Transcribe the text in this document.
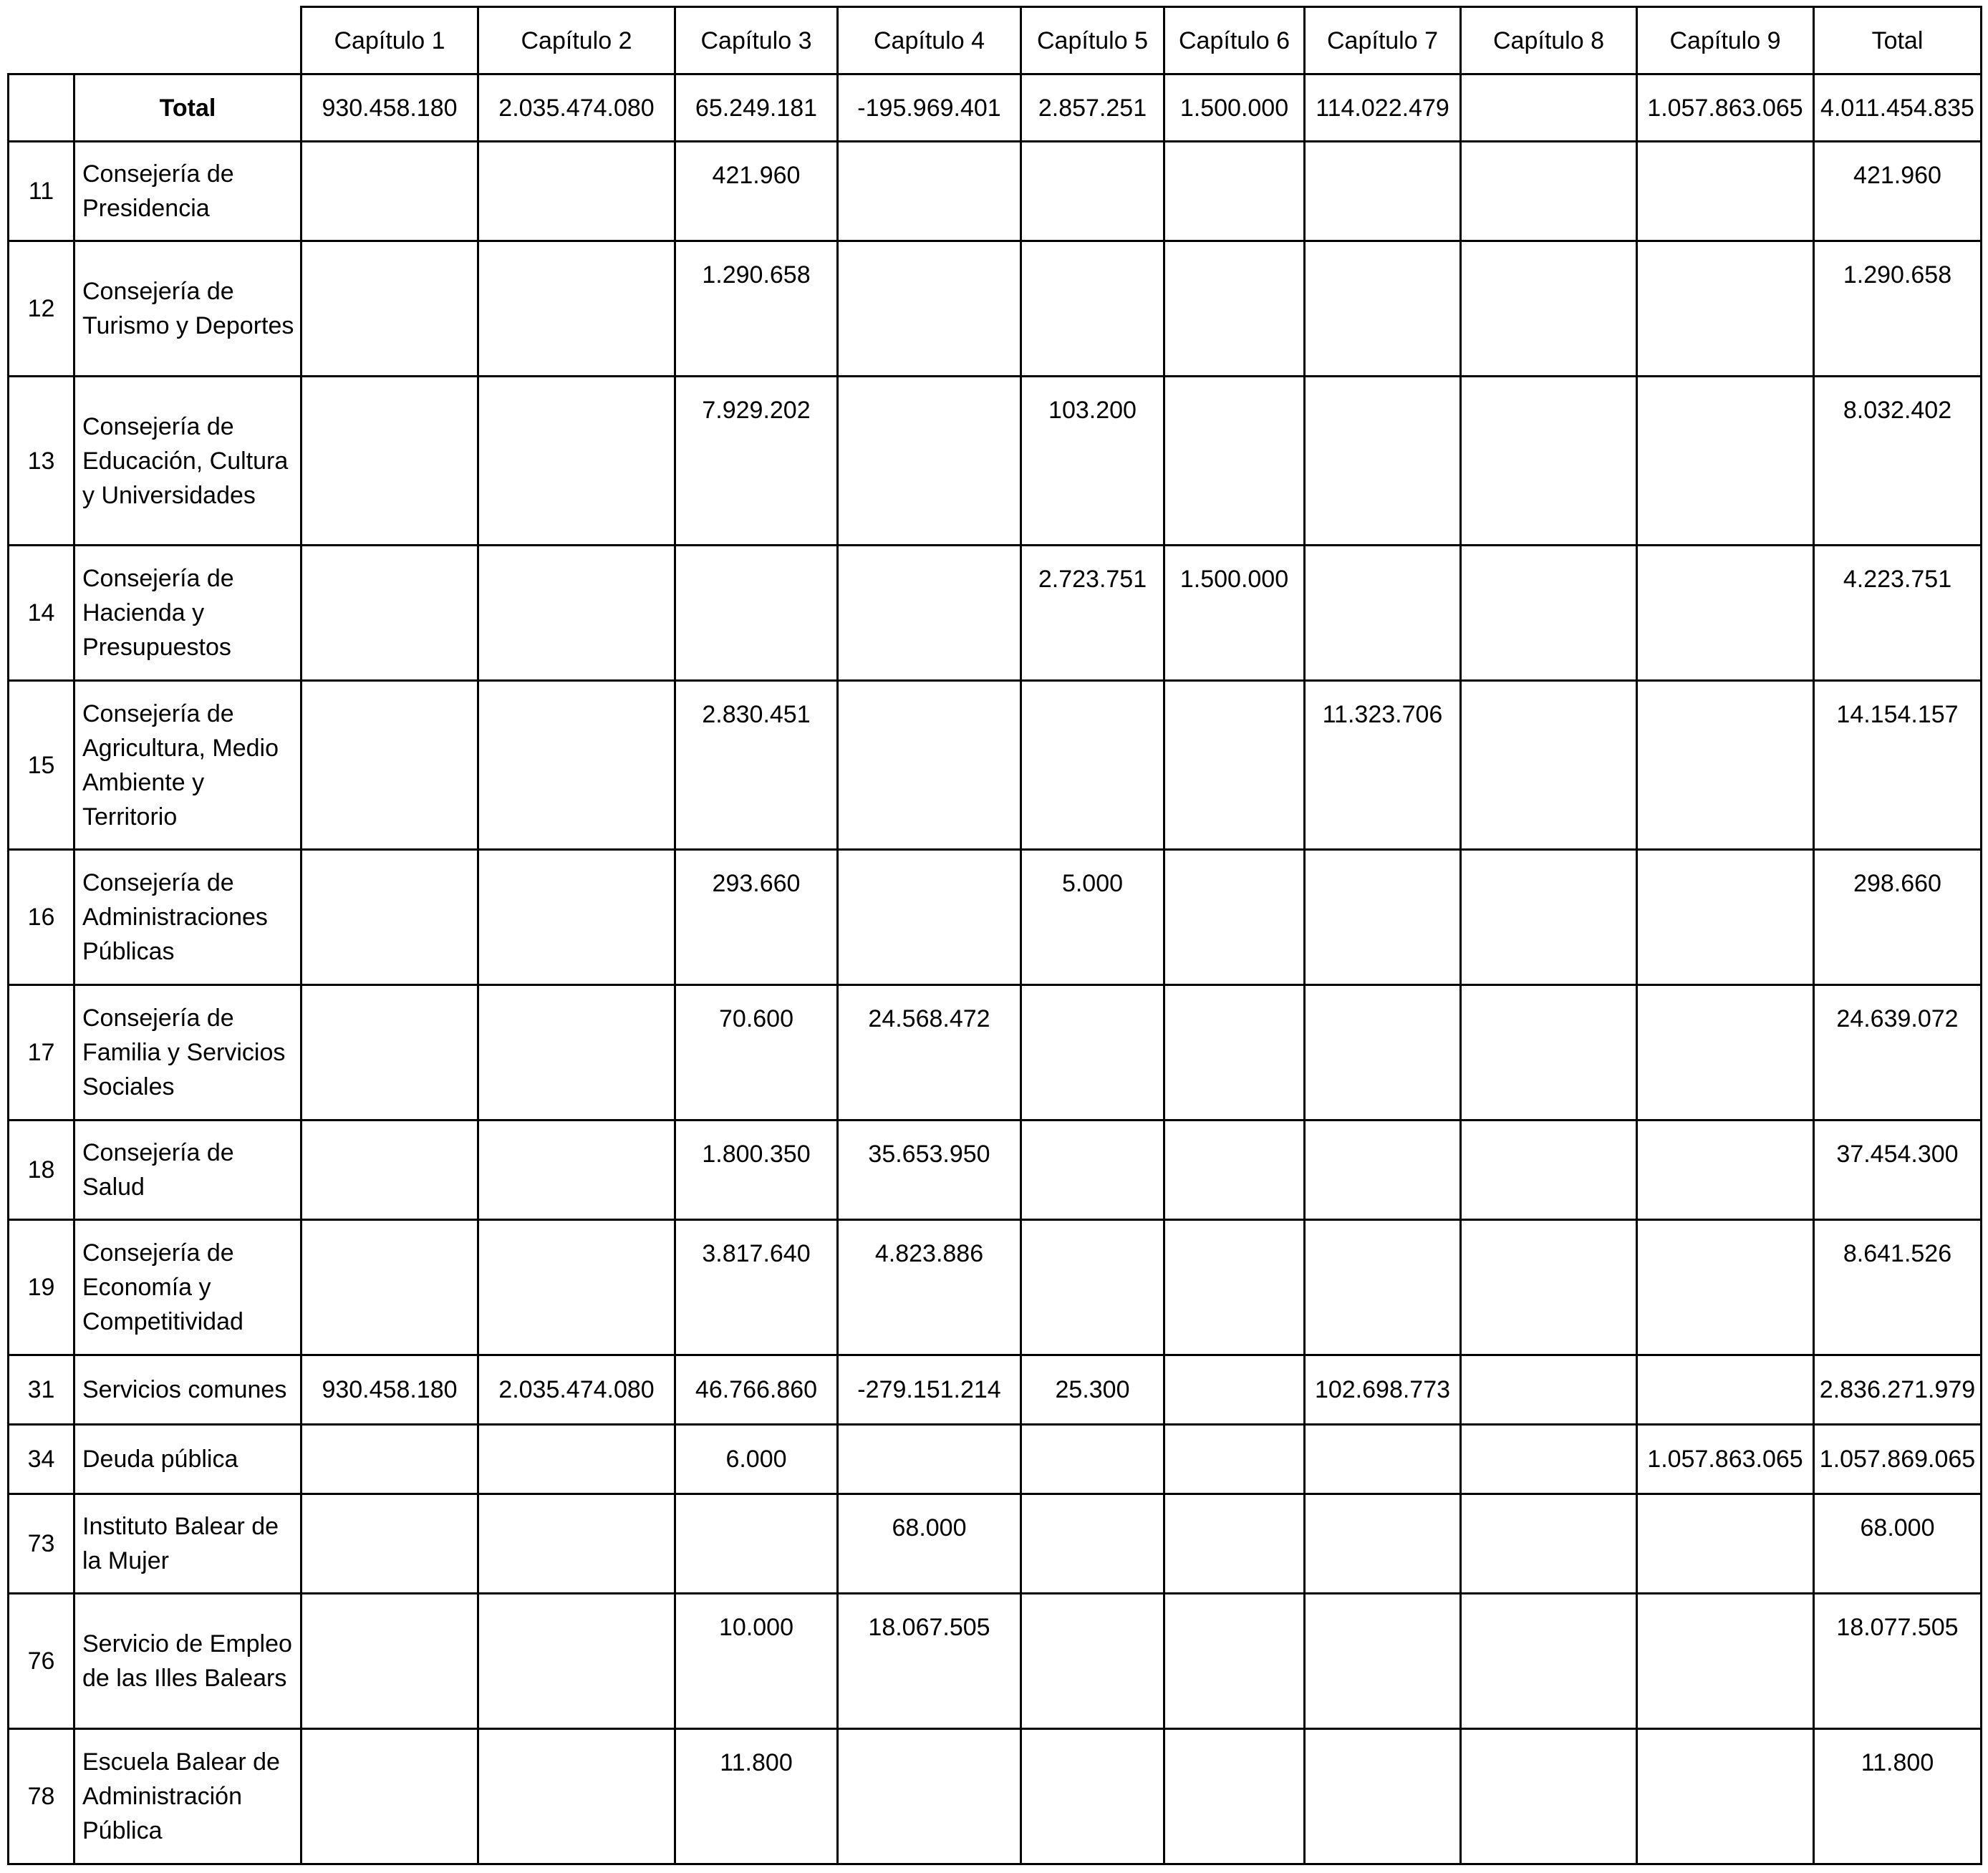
		Capítulo 1	Capítulo 2	Capítulo 3	Capítulo 4	Capítulo 5	Capítulo 6	Capítulo 7	Capítulo 8	Capítulo 9	Total
	Total	930.458.180	2.035.474.080	65.249.181	-195.969.401	2.857.251	1.500.000	114.022.479		1.057.863.065	4.011.454.835
11	Consejería de Presidencia			421.960							421.960
12	Consejería de Turismo y Deportes			1.290.658							1.290.658
13	Consejería de Educación, Cultura y Universidades			7.929.202		103.200					8.032.402
14	Consejería de Hacienda y Presupuestos					2.723.751	1.500.000				4.223.751
15	Consejería de Agricultura, Medio Ambiente y Territorio			2.830.451				11.323.706			14.154.157
16	Consejería de Administraciones Públicas			293.660		5.000					298.660
17	Consejería de Familia y Servicios Sociales			70.600	24.568.472						24.639.072
18	Consejería de Salud			1.800.350	35.653.950						37.454.300
19	Consejería de Economía y Competitividad			3.817.640	4.823.886						8.641.526
31	Servicios comunes	930.458.180	2.035.474.080	46.766.860	-279.151.214	25.300		102.698.773			2.836.271.979
34	Deuda pública			6.000						1.057.863.065	1.057.869.065
73	Instituto Balear de la Mujer				68.000						68.000
76	Servicio de Empleo de las Illes Balears			10.000	18.067.505						18.077.505
78	Escuela Balear de Administración Pública			11.800							11.800
